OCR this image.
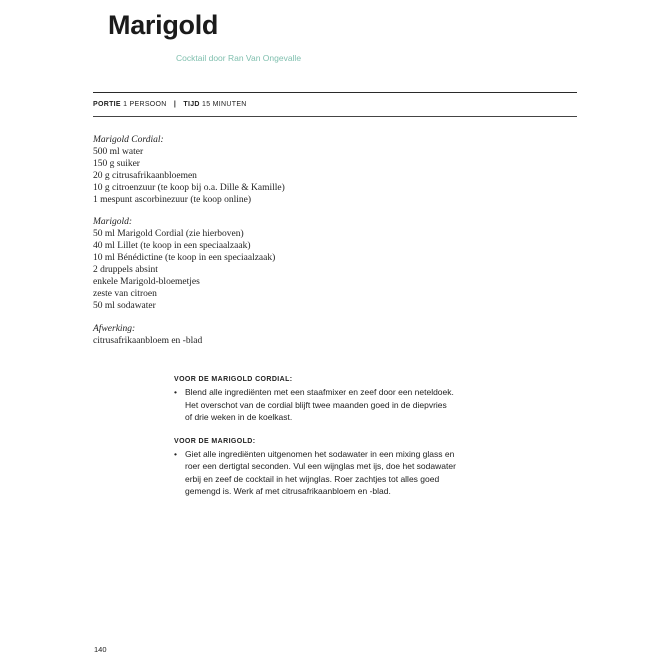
Marigold
Cocktail door Ran Van Ongevalle
PORTIE 1 PERSOON | TIJD 15 MINUTEN
Marigold Cordial:
500 ml water
150 g suiker
20 g citrusafrikaanbloemen
10 g citroenzuur (te koop bij o.a. Dille & Kamille)
1 mespunt ascorbinezuur (te koop online)
Marigold:
50 ml Marigold Cordial (zie hierboven)
40 ml Lillet (te koop in een speciaalzaak)
10 ml Bénédictine (te koop in een speciaalzaak)
2 druppels absint
enkele Marigold-bloemetjes
zeste van citroen
50 ml sodawater
Afwerking:
citrusafrikaanbloem en -blad
VOOR DE MARIGOLD CORDIAL:
• Blend alle ingrediënten met een staafmixer en zeef door een neteldoek.
Het overschot van de cordial blijft twee maanden goed in de diepvries
of drie weken in de koelkast.
VOOR DE MARIGOLD:
• Giet alle ingrediënten uitgenomen het sodawater in een mixing glass en
roer een dertigtal seconden. Vul een wijnglas met ijs, doe het sodawater
erbij en zeef de cocktail in het wijnglas. Roer zachtjes tot alles goed
gemengd is. Werk af met citrusafrikaanbloem en -blad.
140
